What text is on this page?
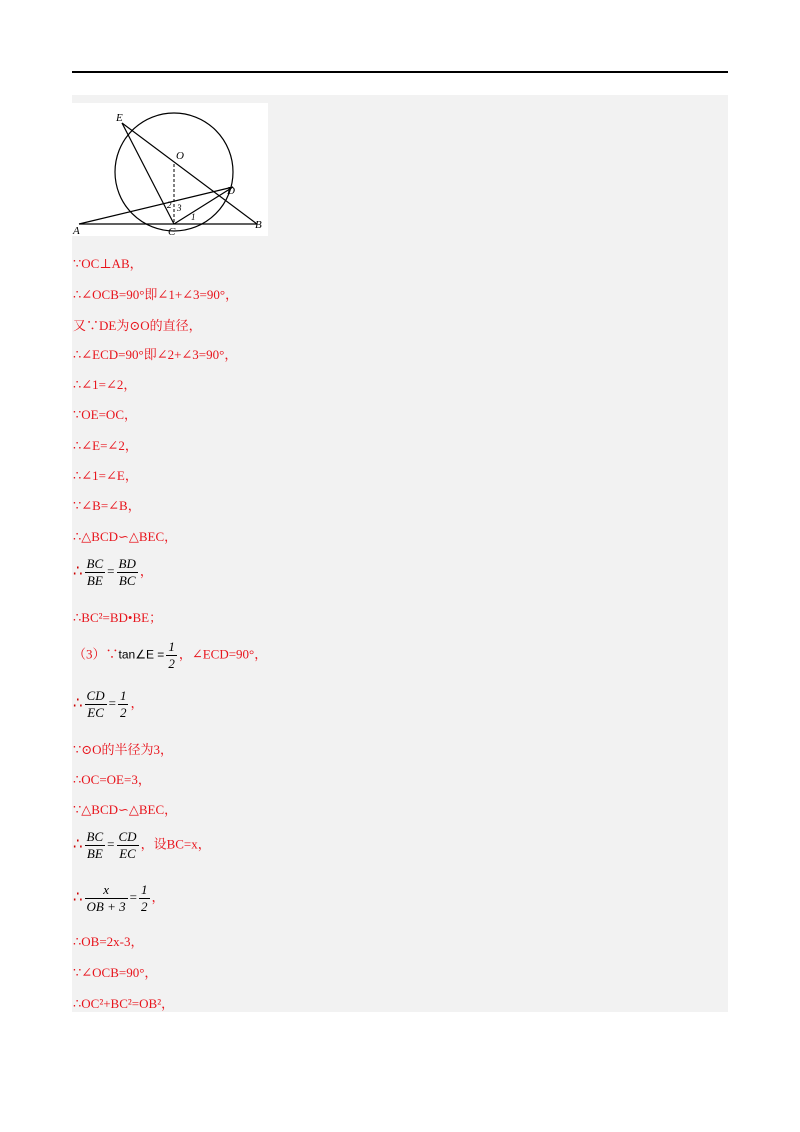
E
O
D
A	C
B
1
2 3
∵OC⊥AB，
∴∠OCB=90°即∠1+∠3=90°，
又∵DE为⊙O的直径，
∴∠ECD=90°即∠2+∠3=90°，
∴∠1=∠2，
∵OE=OC，
∴∠E=∠2，
∴∠1=∠E，
∵∠B=∠B，
∴△BCD∽△BEC，
∴ $\frac{BC}{BE} = \frac{BD}{BC}$ ，
∴BC²=BD•BE；
（3）∵tan∠E = $\frac{1}{2}$ ，∠ECD=90°，
∴ $\frac{CD}{EC} = \frac{1}{2}$ ，
∵⊙O的半径为3，
∴OC=OE=3，
∵△BCD∽△BEC，
∴ $\frac{BC}{BE} = \frac{CD}{EC}$ ，设BC=x，
∴ $\frac{x}{OB + 3} = \frac{1}{2}$ ，
∴OB=2x-3，
∵∠OCB=90°，
∴OC²+BC²=OB²，
